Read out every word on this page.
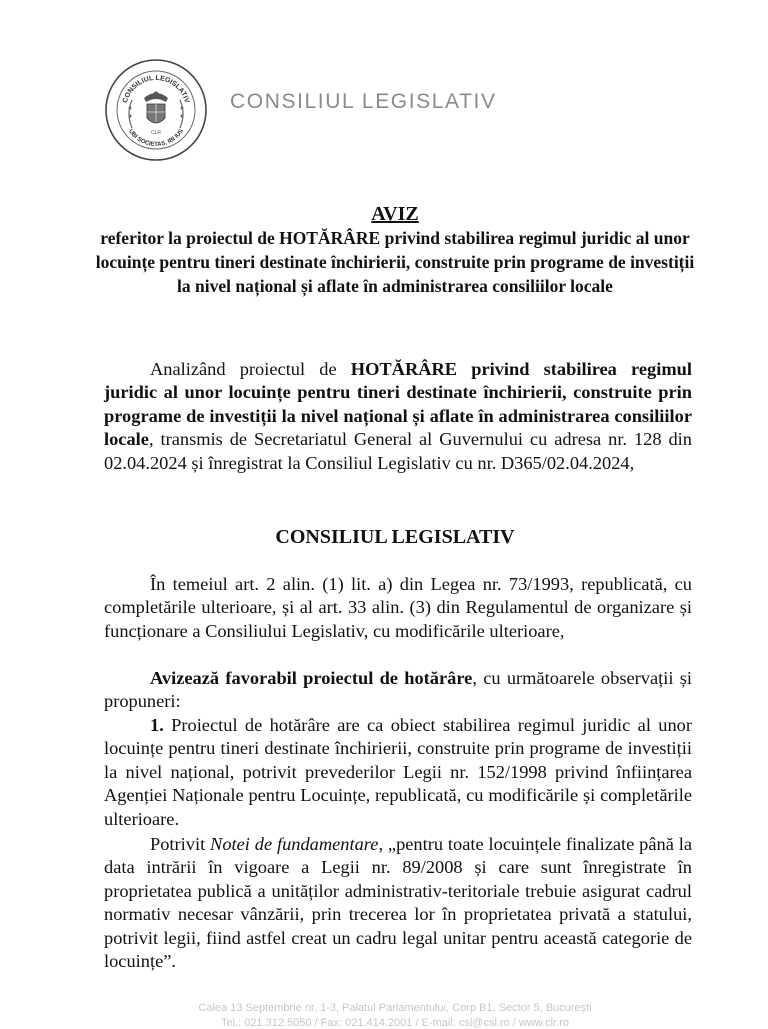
CONSILIUL LEGISLATIV
UBI SOCIETAS, IBI IUS
CLR
CONSILIUL LEGISLATIV
AVIZ
referitor la proiectul de HOTĂRÂRE privind stabilirea regimul juridic al unor locuințe pentru tineri destinate închirierii, construite prin programe de investiții la nivel național și aflate în administrarea consiliilor locale
Analizând proiectul de HOTĂRÂRE privind stabilirea regimul juridic al unor locuințe pentru tineri destinate închirierii, construite prin programe de investiții la nivel național și aflate în administrarea consiliilor locale, transmis de Secretariatul General al Guvernului cu adresa nr. 128 din 02.04.2024 și înregistrat la Consiliul Legislativ cu nr. D365/02.04.2024,
CONSILIUL LEGISLATIV
În temeiul art. 2 alin. (1) lit. a) din Legea nr. 73/1993, republicată, cu completările ulterioare, și al art. 33 alin. (3) din Regulamentul de organizare și funcționare a Consiliului Legislativ, cu modificările ulterioare,
Avizează favorabil proiectul de hotărâre, cu următoarele observații și propuneri:
1. Proiectul de hotărâre are ca obiect stabilirea regimul juridic al unor locuințe pentru tineri destinate închirierii, construite prin programe de investiții la nivel național, potrivit prevederilor Legii nr. 152/1998 privind înființarea Agenției Naționale pentru Locuințe, republicată, cu modificările și completările ulterioare.
Potrivit Notei de fundamentare, „pentru toate locuințele finalizate până la data intrării în vigoare a Legii nr. 89/2008 și care sunt înregistrate în proprietatea publică a unităților administrativ-teritoriale trebuie asigurat cadrul normativ necesar vânzării, prin trecerea lor în proprietatea privată a statului, potrivit legii, fiind astfel creat un cadru legal unitar pentru această categorie de locuințe”.
Calea 13 Septembrie nr. 1-3, Palatul Parlamentului, Corp B1, Sector 5, București
Tel.: 021.312.5050 / Fax: 021.414.2001 / E-mail: csl@csl.ro / www.clr.ro
